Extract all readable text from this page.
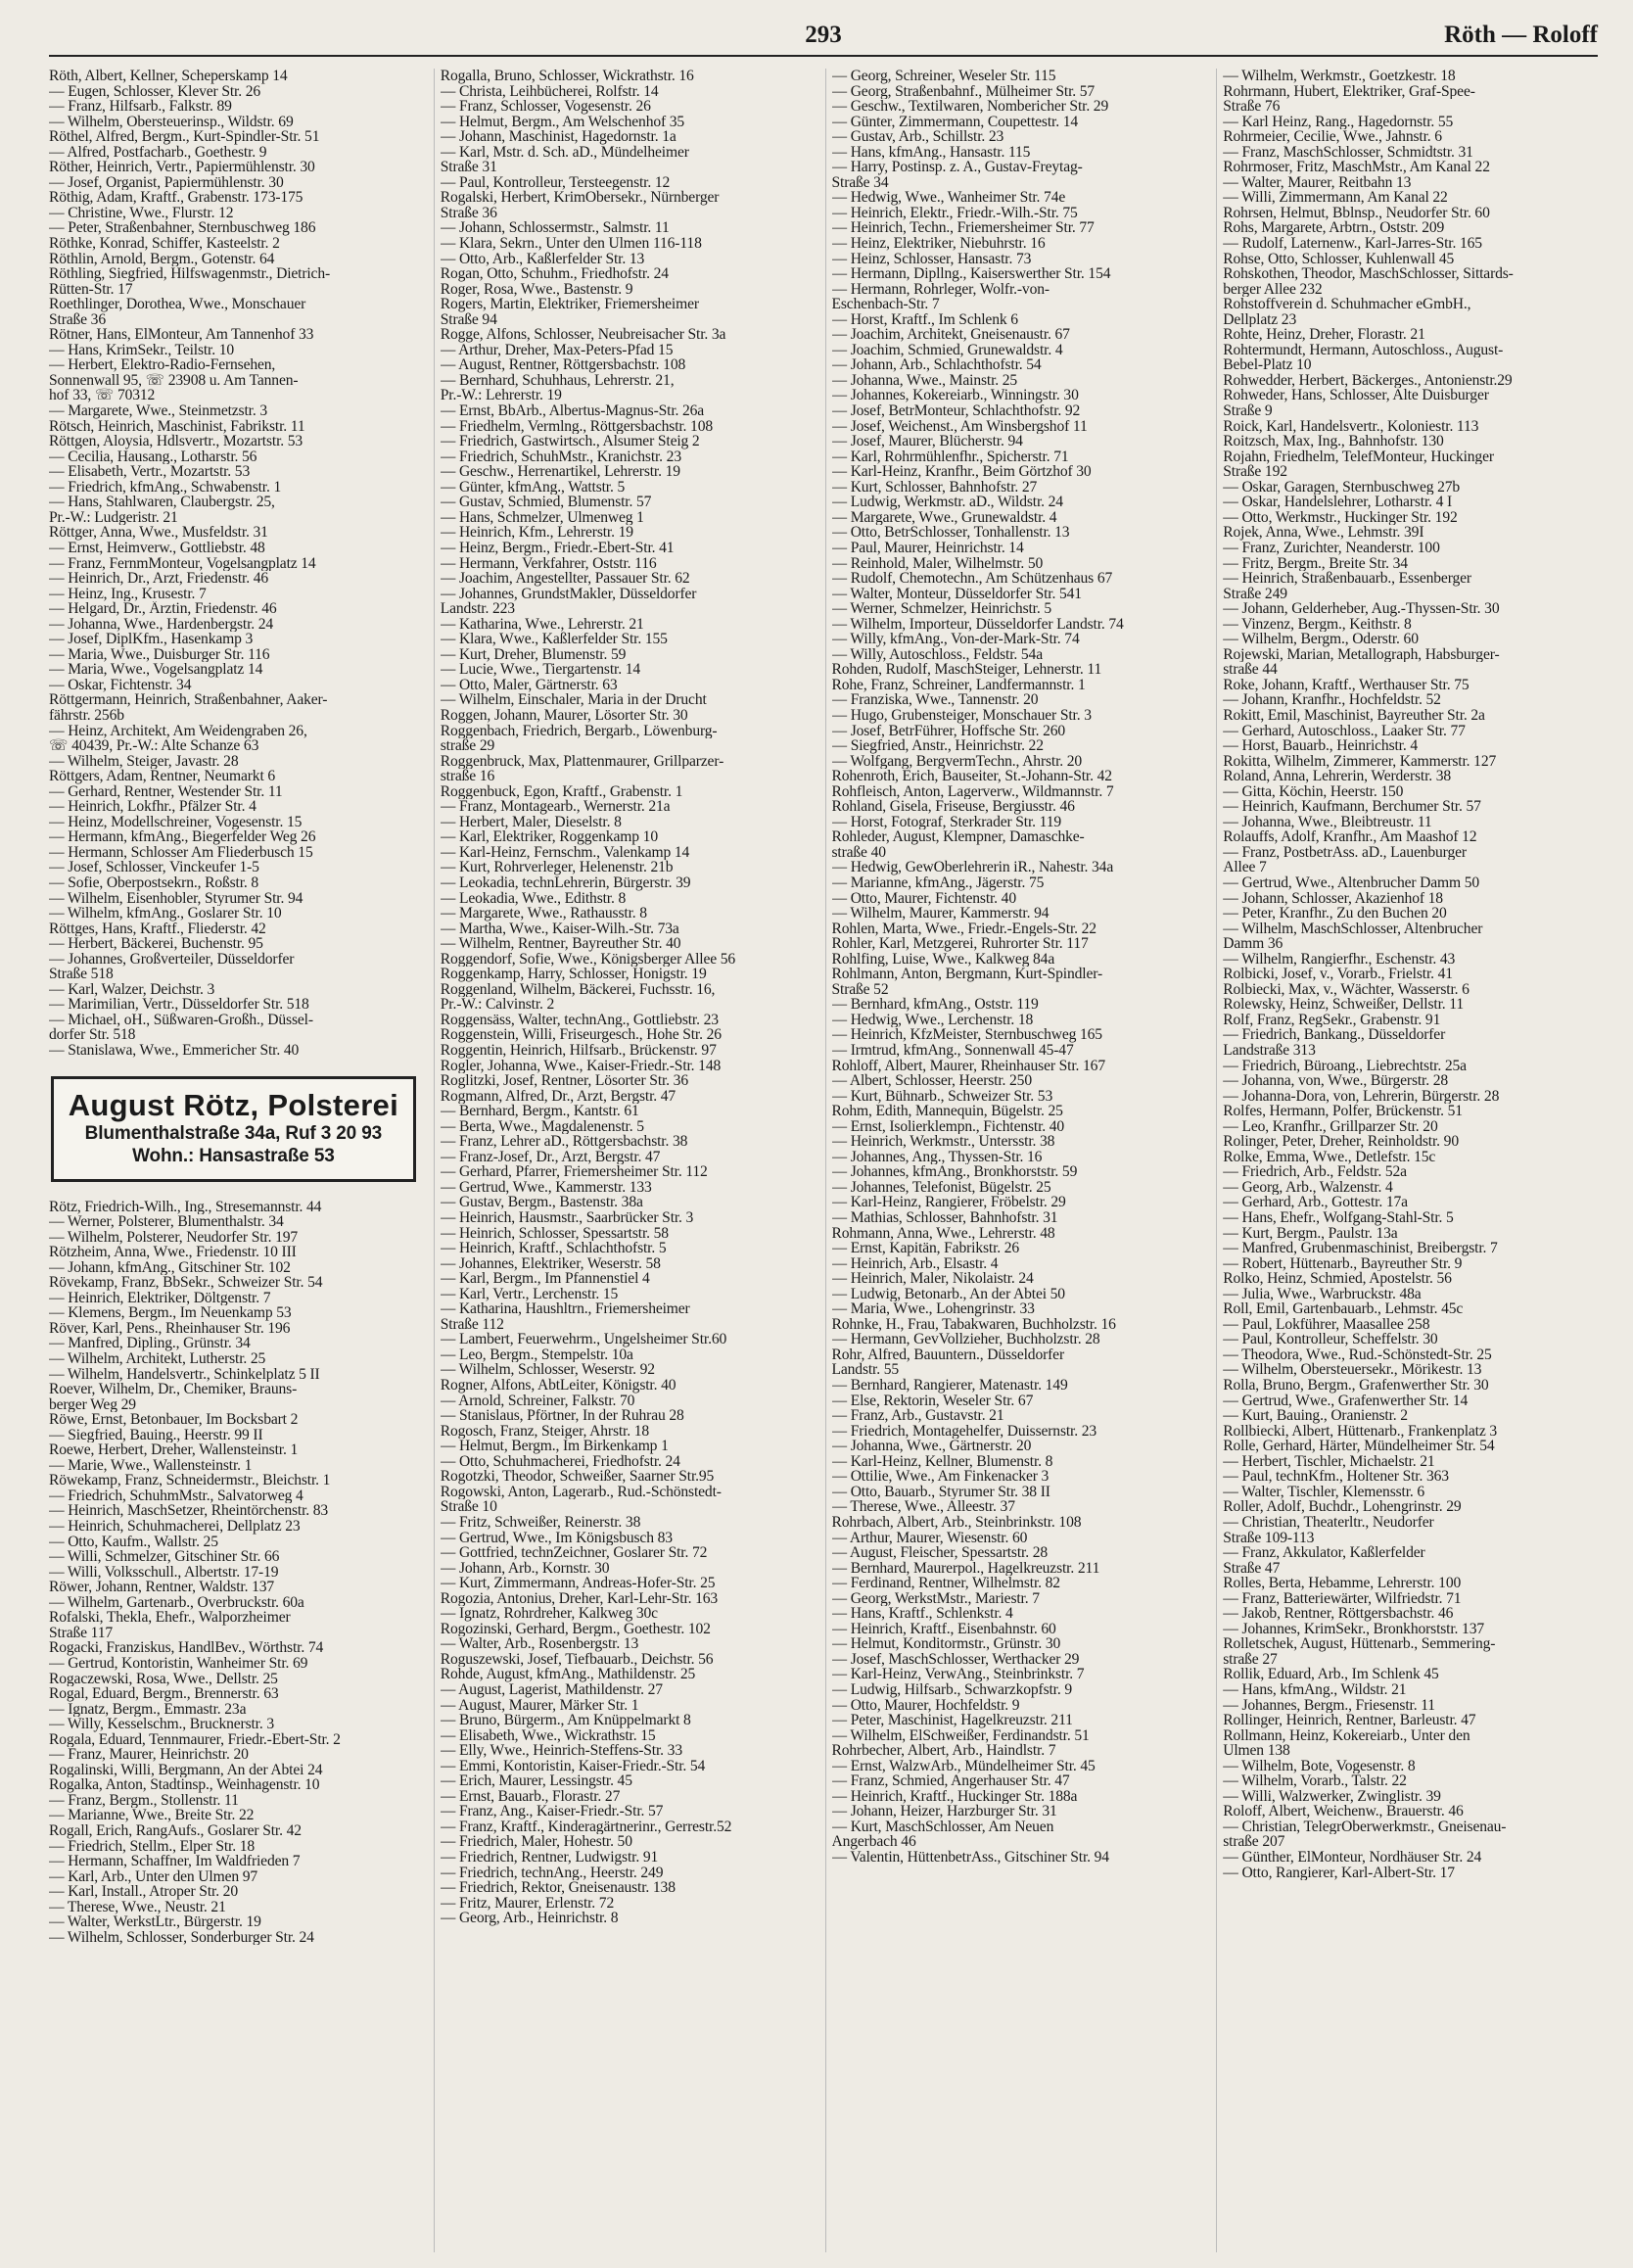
293	Röth — Roloff
Röth, Albert, Kellner, Scheperskamp 14
— Eugen, Schlosser, Klever Str. 26
— Franz, Hilfsarb., Falkstr. 89
— Wilhelm, Obersteuerinsp., Wildstr. 69
Röthel, Alfred, Bergm., Kurt-Spindler-Str. 51
— Alfred, Postfacharb., Goethestr. 9
Röther, Heinrich, Vertr., Papiermühlenstr. 30
— Josef, Organist, Papiermühlenstr. 30
Röthig, Adam, Kraftf., Grabenstr. 173-175
— Christine, Wwe., Flurstr. 12
— Peter, Straßenbahner, Sternbuschweg 186
Röthke, Konrad, Schiffer, Kasteelstr. 2
Röthlin, Arnold, Bergm., Gotenstr. 64
Röthling, Siegfried, Hilfswagenmstr., Dietrich-
Rütten-Str. 17
Roethlinger, Dorothea, Wwe., Monschauer
Straße 36
Rötner, Hans, ElMonteur, Am Tannenhof 33
— Hans, KrimSekr., Teilstr. 10
— Herbert, Elektro-Radio-Fernsehen,
Sonnenwall 95, ☏ 23908 u. Am Tannen-
hof 33, ☏ 70312
— Margarete, Wwe., Steinmetzstr. 3
Rötsch, Heinrich, Maschinist, Fabrikstr. 11
Röttgen, Aloysia, Hdlsvertr., Mozartstr. 53
— Cecilia, Hausang., Lotharstr. 56
— Elisabeth, Vertr., Mozartstr. 53
— Friedrich, kfmAng., Schwabenstr. 1
— Hans, Stahlwaren, Claubergstr. 25,
Pr.-W.: Ludgeristr. 21
Röttger, Anna, Wwe., Musfeldstr. 31
— Ernst, Heimverw., Gottliebstr. 48
— Franz, FernmMonteur, Vogelsangplatz 14
— Heinrich, Dr., Arzt, Friedenstr. 46
— Heinz, Ing., Krusestr. 7
— Helgard, Dr., Ärztin, Friedenstr. 46
— Johanna, Wwe., Hardenbergstr. 24
— Josef, DiplKfm., Hasenkamp 3
— Maria, Wwe., Duisburger Str. 116
— Maria, Wwe., Vogelsangplatz 14
— Oskar, Fichtenstr. 34
Röttgermann, Heinrich, Straßenbahner, Aaker-
fährstr. 256b
— Heinz, Architekt, Am Weidengraben 26,
☏ 40439, Pr.-W.: Alte Schanze 63
— Wilhelm, Steiger, Javastr. 28
Röttgers, Adam, Rentner, Neumarkt 6
— Gerhard, Rentner, Westender Str. 11
— Heinrich, Lokfhr., Pfälzer Str. 4
— Heinz, Modellschreiner, Vogesenstr. 15
— Hermann, kfmAng., Biegerfelder Weg 26
— Hermann, Schlosser Am Fliederbusch 15
— Josef, Schlosser, Vinckeufer 1-5
— Sofie, Oberpostsekrn., Roßstr. 8
— Wilhelm, Eisenhobler, Styrumer Str. 94
— Wilhelm, kfmAng., Goslarer Str. 10
Röttges, Hans, Kraftf., Fliederstr. 42
— Herbert, Bäckerei, Buchenstr. 95
— Johannes, Großverteiler, Düsseldorfer
Straße 518
— Karl, Walzer, Deichstr. 3
— Marimilian, Vertr., Düsseldorfer Str. 518
— Michael, oH., Süßwaren-Großh., Düssel-
dorfer Str. 518
— Stanislawa, Wwe., Emmericher Str. 40
August Rötz, Polsterei
Blumenthalstraße 34a, Ruf 3 20 93
Wohn.: Hansastraße 53
Rötz, Friedrich-Wilh., Ing., Stresemannstr. 44
— Werner, Polsterer, Blumenthalstr. 34
— Wilhelm, Polsterer, Neudorfer Str. 197
Rötzheim, Anna, Wwe., Friedenstr. 10 III
— Johann, kfmAng., Gitschiner Str. 102
Rövekamp, Franz, BbSekr., Schweizer Str. 54
— Heinrich, Elektriker, Döltgenstr. 7
— Klemens, Bergm., Im Neuenkamp 53
Röver, Karl, Pens., Rheinhauser Str. 196
— Manfred, Dipling., Grünstr. 34
— Wilhelm, Architekt, Lutherstr. 25
— Wilhelm, Handelsvertr., Schinkelplatz 5 II
Roever, Wilhelm, Dr., Chemiker, Brauns-
berger Weg 29
Röwe, Ernst, Betonbauer, Im Bocksbart 2
— Siegfried, Bauing., Heerstr. 99 II
Roewe, Herbert, Dreher, Wallensteinstr. 1
— Marie, Wwe., Wallensteinstr. 1
Röwekamp, Franz, Schneidermstr., Bleichstr. 1
— Friedrich, SchuhmMstr., Salvatorweg 4
— Heinrich, MaschSetzer, Rheintörchenstr. 83
— Heinrich, Schuhmacherei, Dellplatz 23
— Otto, Kaufm., Wallstr. 25
— Willi, Schmelzer, Gitschiner Str. 66
— Willi, Volksschull., Albertstr. 17-19
Röwer, Johann, Rentner, Waldstr. 137
— Wilhelm, Gartenarb., Overbruckstr. 60a
Rofalski, Thekla, Ehefr., Walporzheimer
Straße 117
Rogacki, Franziskus, HandlBev., Wörthstr. 74
— Gertrud, Kontoristin, Wanheimer Str. 69
Rogaczewski, Rosa, Wwe., Dellstr. 25
Rogal, Eduard, Bergm., Brennerstr. 63
— Ignatz, Bergm., Emmastr. 23a
— Willy, Kesselschm., Brucknerstr. 3
Rogala, Eduard, Tennmaurer, Friedr.-Ebert-Str. 2
— Franz, Maurer, Heinrichstr. 20
Rogalinski, Willi, Bergmann, An der Abtei 24
Rogalka, Anton, Stadtinsp., Weinhagenstr. 10
— Franz, Bergm., Stollenstr. 11
— Marianne, Wwe., Breite Str. 22
Rogall, Erich, RangAufs., Goslarer Str. 42
— Friedrich, Stellm., Elper Str. 18
— Hermann, Schaffner, Im Waldfrieden 7
— Karl, Arb., Unter den Ulmen 97
— Karl, Install., Atroper Str. 20
— Therese, Wwe., Neustr. 21
— Walter, WerkstLtr., Bürgerstr. 19
— Wilhelm, Schlosser, Sonderburger Str. 24
Rogalla, Bruno, Schlosser, Wickrathstr. 16
— Christa, Leihbücherei, Rolfstr. 14
— Franz, Schlosser, Vogesenstr. 26
— Helmut, Bergm., Am Welschenhof 35
— Johann, Maschinist, Hagedornstr. 1a
— Karl, Mstr. d. Sch. aD., Mündelheimer
Straße 31
— Paul, Kontrolleur, Tersteegenstr. 12
Rogalski, Herbert, KrimObersekr., Nürnberger
Straße 36
— Johann, Schlossermstr., Salmstr. 11
— Klara, Sekrn., Unter den Ulmen 116-118
— Otto, Arb., Kaßlerfelder Str. 13
Rogan, Otto, Schuhm., Friedhofstr. 24
Roger, Rosa, Wwe., Bastenstr. 9
Rogers, Martin, Elektriker, Friemersheimer
Straße 94
Rogge, Alfons, Schlosser, Neubreisacher Str. 3a
— Arthur, Dreher, Max-Peters-Pfad 15
— August, Rentner, Röttgersbachstr. 108
— Bernhard, Schuhhaus, Lehrerstr. 21,
Pr.-W.: Lehrerstr. 19
— Ernst, BbArb., Albertus-Magnus-Str. 26a
— Friedhelm, Vermlng., Röttgersbachstr. 108
— Friedrich, Gastwirtsch., Alsumer Steig 2
— Friedrich, SchuhMstr., Kranichstr. 23
— Geschw., Herrenartikel, Lehrerstr. 19
— Günter, kfmAng., Wattstr. 5
— Gustav, Schmied, Blumenstr. 57
— Hans, Schmelzer, Ulmenweg 1
— Heinrich, Kfm., Lehrerstr. 19
— Heinz, Bergm., Friedr.-Ebert-Str. 41
— Hermann, Verkfahrer, Oststr. 116
— Joachim, Angestellter, Passauer Str. 62
— Johannes, GrundstMakler, Düsseldorfer
Landstr. 223
— Katharina, Wwe., Lehrerstr. 21
— Klara, Wwe., Kaßlerfelder Str. 155
— Kurt, Dreher, Blumenstr. 59
— Lucie, Wwe., Tiergartenstr. 14
— Otto, Maler, Gärtnerstr. 63
— Wilhelm, Einschaler, Maria in der Drucht
Roggen, Johann, Maurer, Lösorter Str. 30
Roggenbach, Friedrich, Bergarb., Löwenburg-
straße 29
Roggenbruck, Max, Plattenmaurer, Grillparzer-
straße 16
Roggenbuck, Egon, Kraftf., Grabenstr. 1
— Franz, Montagearb., Wernerstr. 21a
— Herbert, Maler, Dieselstr. 8
— Karl, Elektriker, Roggenkamp 10
— Karl-Heinz, Fernschm., Valenkamp 14
— Kurt, Rohrverleger, Helenenstr. 21b
— Leokadia, technLehrerin, Bürgerstr. 39
— Leokadia, Wwe., Edithstr. 8
— Margarete, Wwe., Rathausstr. 8
— Martha, Wwe., Kaiser-Wilh.-Str. 73a
— Wilhelm, Rentner, Bayreuther Str. 40
Roggendorf, Sofie, Wwe., Königsberger Allee 56
Roggenkamp, Harry, Schlosser, Honigstr. 19
Roggenland, Wilhelm, Bäckerei, Fuchsstr. 16,
Pr.-W.: Calvinstr. 2
Roggensäss, Walter, technAng., Gottliebstr. 23
Roggenstein, Willi, Friseurgesch., Hohe Str. 26
Roggentin, Heinrich, Hilfsarb., Brückenstr. 97
Rogler, Johanna, Wwe., Kaiser-Friedr.-Str. 148
Roglitzki, Josef, Rentner, Lösorter Str. 36
Rogmann, Alfred, Dr., Arzt, Bergstr. 47
— Bernhard, Bergm., Kantstr. 61
— Berta, Wwe., Magdalenenstr. 5
— Franz, Lehrer aD., Röttgersbachstr. 38
— Franz-Josef, Dr., Arzt, Bergstr. 47
— Gerhard, Pfarrer, Friemersheimer Str. 112
— Gertrud, Wwe., Kammerstr. 133
— Gustav, Bergm., Bastenstr. 38a
— Heinrich, Hausmstr., Saarbrücker Str. 3
— Heinrich, Schlosser, Spessartstr. 58
— Heinrich, Kraftf., Schlachthofstr. 5
— Johannes, Elektriker, Weserstr. 58
— Karl, Bergm., Im Pfannenstiel 4
— Karl, Vertr., Lerchenstr. 15
— Katharina, Haushltrn., Friemersheimer
Straße 112
— Lambert, Feuerwehrm., Ungelsheimer Str.60
— Leo, Bergm., Stempelstr. 10a
— Wilhelm, Schlosser, Weserstr. 92
Rogner, Alfons, AbtLeiter, Königstr. 40
— Arnold, Schreiner, Falkstr. 70
— Stanislaus, Pförtner, In der Ruhrau 28
Rogosch, Franz, Steiger, Ahrstr. 18
— Helmut, Bergm., Im Birkenkamp 1
— Otto, Schuhmacherei, Friedhofstr. 24
Rogotzki, Theodor, Schweißer, Saarner Str.95
Rogowski, Anton, Lagerarb., Rud.-Schönstedt-
Straße 10
— Fritz, Schweißer, Reinerstr. 38
— Gertrud, Wwe., Im Königsbusch 83
— Gottfried, technZeichner, Goslarer Str. 72
— Johann, Arb., Kornstr. 30
— Kurt, Zimmermann, Andreas-Hofer-Str. 25
Rogozia, Antonius, Dreher, Karl-Lehr-Str. 163
— Ignatz, Rohrdreher, Kalkweg 30c
Rogozinski, Gerhard, Bergm., Goethestr. 102
— Walter, Arb., Rosenbergstr. 13
Roguszewski, Josef, Tiefbauarb., Deichstr. 56
Rohde, August, kfmAng., Mathildenstr. 25
— August, Lagerist, Mathildenstr. 27
— August, Maurer, Märker Str. 1
— Bruno, Bürgerm., Am Knüppelmarkt 8
— Elisabeth, Wwe., Wickrathstr. 15
— Elly, Wwe., Heinrich-Steffens-Str. 33
— Emmi, Kontoristin, Kaiser-Friedr.-Str. 54
— Erich, Maurer, Lessingstr. 45
— Ernst, Bauarb., Florastr. 27
— Franz, Ang., Kaiser-Friedr.-Str. 57
— Franz, Kraftf., Kinderagärtnerinr., Gerrestr.52
— Friedrich, Maler, Hohestr. 50
— Friedrich, Rentner, Ludwigstr. 91
— Friedrich, technAng., Heerstr. 249
— Friedrich, Rektor, Gneisenaustr. 138
— Fritz, Maurer, Erlenstr. 72
— Georg, Arb., Heinrichstr. 8
— Georg, Schreiner, Weseler Str. 115
— Georg, Straßenbahnf., Mülheimer Str. 57
— Geschw., Textilwaren, Nombericher Str. 29
— Günter, Zimmermann, Coupettestr. 14
— Gustav, Arb., Schillstr. 23
— Hans, kfmAng., Hansastr. 115
— Harry, Postinsp. z. A., Gustav-Freytag-
Straße 34
— Hedwig, Wwe., Wanheimer Str. 74e
— Heinrich, Elektr., Friedr.-Wilh.-Str. 75
— Heinrich, Techn., Friemersheimer Str. 77
— Heinz, Elektriker, Niebuhrstr. 16
— Heinz, Schlosser, Hansastr. 73
— Hermann, Dipllng., Kaiserswerther Str. 154
— Hermann, Rohrleger, Wolfr.-von-
Eschenbach-Str. 7
— Horst, Kraftf., Im Schlenk 6
— Joachim, Architekt, Gneisenaustr. 67
— Joachim, Schmied, Grunewaldstr. 4
— Johann, Arb., Schlachthofstr. 54
— Johanna, Wwe., Mainstr. 25
— Johannes, Kokereiarb., Winningstr. 30
— Josef, BetrMonteur, Schlachthofstr. 92
— Josef, Weichenst., Am Winsbergshof 11
— Josef, Maurer, Blücherstr. 94
— Karl, Rohrmühlenfhr., Spicherstr. 71
— Karl-Heinz, Kranfhr., Beim Görtzhof 30
— Kurt, Schlosser, Bahnhofstr. 27
— Ludwig, Werkmstr. aD., Wildstr. 24
— Margarete, Wwe., Grunewaldstr. 4
— Otto, BetrSchlosser, Tonhallenstr. 13
— Paul, Maurer, Heinrichstr. 14
— Reinhold, Maler, Wilhelmstr. 50
— Rudolf, Chemotechn., Am Schützenhaus 67
— Walter, Monteur, Düsseldorfer Str. 541
— Werner, Schmelzer, Heinrichstr. 5
— Wilhelm, Importeur, Düsseldorfer Landstr. 74
— Willy, kfmAng., Von-der-Mark-Str. 74
— Willy, Autoschloss., Feldstr. 54a
Rohden, Rudolf, MaschSteiger, Lehnerstr. 11
Rohe, Franz, Schreiner, Landfermannstr. 1
— Franziska, Wwe., Tannenstr. 20
— Hugo, Grubensteiger, Monschauer Str. 3
— Josef, BetrFührer, Hoffsche Str. 260
— Siegfried, Anstr., Heinrichstr. 22
— Wolfgang, BergvermTechn., Ahrstr. 20
Rohenroth, Erich, Bauseiter, St.-Johann-Str. 42
Rohfleisch, Anton, Lagerverw., Wildmannstr. 7
Rohland, Gisela, Friseuse, Bergiusstr. 46
— Horst, Fotograf, Sterkrader Str. 119
Rohleder, August, Klempner, Damaschke-
straße 40
— Hedwig, GewOberlehrerin iR., Nahestr. 34a
— Marianne, kfmAng., Jägerstr. 75
— Otto, Maurer, Fichtenstr. 40
— Wilhelm, Maurer, Kammerstr. 94
Rohlen, Marta, Wwe., Friedr.-Engels-Str. 22
Rohler, Karl, Metzgerei, Ruhrorter Str. 117
Rohlfing, Luise, Wwe., Kalkweg 84a
Rohlmann, Anton, Bergmann, Kurt-Spindler-
Straße 52
— Bernhard, kfmAng., Oststr. 119
— Hedwig, Wwe., Lerchenstr. 18
— Heinrich, KfzMeister, Sternbuschweg 165
— Irmtrud, kfmAng., Sonnenwall 45-47
Rohloff, Albert, Maurer, Rheinhauser Str. 167
— Albert, Schlosser, Heerstr. 250
— Kurt, Bühnarb., Schweizer Str. 53
Rohm, Edith, Mannequin, Bügelstr. 25
— Ernst, Isolierklempn., Fichtenstr. 40
— Heinrich, Werkmstr., Untersstr. 38
— Johannes, Ang., Thyssen-Str. 16
— Johannes, kfmAng., Bronkhorststr. 59
— Johannes, Telefonist, Bügelstr. 25
— Karl-Heinz, Rangierer, Fröbelstr. 29
— Mathias, Schlosser, Bahnhofstr. 31
Rohmann, Anna, Wwe., Lehrerstr. 48
— Ernst, Kapitän, Fabrikstr. 26
— Heinrich, Arb., Elsastr. 4
— Heinrich, Maler, Nikolaistr. 24
— Ludwig, Betonarb., An der Abtei 50
— Maria, Wwe., Lohengrinstr. 33
Rohnke, H., Frau, Tabakwaren, Buchholzstr. 16
— Hermann, GevVollzieher, Buchholzstr. 28
Rohr, Alfred, Bauuntern., Düsseldorfer
Landstr. 55
— Bernhard, Rangierer, Matenastr. 149
— Else, Rektorin, Weseler Str. 67
— Franz, Arb., Gustavstr. 21
— Friedrich, Montagehelfer, Duissernstr. 23
— Johanna, Wwe., Gärtnerstr. 20
— Karl-Heinz, Kellner, Blumenstr. 8
— Ottilie, Wwe., Am Finkenacker 3
— Otto, Bauarb., Styrumer Str. 38 II
— Therese, Wwe., Alleestr. 37
Rohrbach, Albert, Arb., Steinbrinkstr. 108
— Arthur, Maurer, Wiesenstr. 60
— August, Fleischer, Spessartstr. 28
— Bernhard, Maurerpol., Hagelkreuzstr. 211
— Ferdinand, Rentner, Wilhelmstr. 82
— Georg, WerkstMstr., Mariestr. 7
— Hans, Kraftf., Schlenkstr. 4
— Heinrich, Kraftf., Eisenbahnstr. 60
— Helmut, Konditormstr., Grünstr. 30
— Josef, MaschSchlosser, Werthacker 29
— Karl-Heinz, VerwAng., Steinbrinkstr. 7
— Ludwig, Hilfsarb., Schwarzkopfstr. 9
— Otto, Maurer, Hochfeldstr. 9
— Peter, Maschinist, Hagelkreuzstr. 211
— Wilhelm, ElSchweißer, Ferdinandstr. 51
Rohrbecher, Albert, Arb., Haindlstr. 7
— Ernst, WalzwArb., Mündelheimer Str. 45
— Franz, Schmied, Angerhauser Str. 47
— Heinrich, Kraftf., Huckinger Str. 188a
— Johann, Heizer, Harzburger Str. 31
— Kurt, MaschSchlosser, Am Neuen
Angerbach 46
— Valentin, HüttenbetrAss., Gitschiner Str. 94
— Wilhelm, Werkmstr., Goetzkestr. 18
Rohrmann, Hubert, Elektriker, Graf-Spee-
Straße 76
— Karl Heinz, Rang., Hagedornstr. 55
Rohrmeier, Cecilie, Wwe., Jahnstr. 6
— Franz, MaschSchlosser, Schmidtstr. 31
Rohrmoser, Fritz, MaschMstr., Am Kanal 22
— Walter, Maurer, Reitbahn 13
— Willi, Zimmermann, Am Kanal 22
Rohrsen, Helmut, Bblnsp., Neudorfer Str. 60
Rohs, Margarete, Arbtrn., Oststr. 209
— Rudolf, Laternenw., Karl-Jarres-Str. 165
Rohse, Otto, Schlosser, Kuhlenwall 45
Rohskothen, Theodor, MaschSchlosser, Sittards-
berger Allee 232
Rohstoffverein d. Schuhmacher eGmbH.,
Dellplatz 23
Rohte, Heinz, Dreher, Florastr. 21
Rohtermundt, Hermann, Autoschloss., August-
Bebel-Platz 10
Rohwedder, Herbert, Bäckerges., Antonienstr.29
Rohweder, Hans, Schlosser, Alte Duisburger
Straße 9
Roick, Karl, Handelsvertr., Koloniestr. 113
Roitzsch, Max, Ing., Bahnhofstr. 130
Rojahn, Friedhelm, TelefMonteur, Huckinger
Straße 192
— Oskar, Garagen, Sternbuschweg 27b
— Oskar, Handelslehrer, Lotharstr. 4 I
— Otto, Werkmstr., Huckinger Str. 192
Rojek, Anna, Wwe., Lehmstr. 39I
— Franz, Zurichter, Neanderstr. 100
— Fritz, Bergm., Breite Str. 34
— Heinrich, Straßenbauarb., Essenberger
Straße 249
— Johann, Gelderheber, Aug.-Thyssen-Str. 30
— Vinzenz, Bergm., Keithstr. 8
— Wilhelm, Bergm., Oderstr. 60
Rojewski, Marian, Metallograph, Habsburger-
straße 44
Roke, Johann, Kraftf., Werthauser Str. 75
— Johann, Kranfhr., Hochfeldstr. 52
Rokitt, Emil, Maschinist, Bayreuther Str. 2a
— Gerhard, Autoschloss., Laaker Str. 77
— Horst, Bauarb., Heinrichstr. 4
Rokitta, Wilhelm, Zimmerer, Kammerstr. 127
Roland, Anna, Lehrerin, Werderstr. 38
— Gitta, Köchin, Heerstr. 150
— Heinrich, Kaufmann, Berchumer Str. 57
— Johanna, Wwe., Bleibtreustr. 11
Rolauffs, Adolf, Kranfhr., Am Maashof 12
— Franz, PostbetrAss. aD., Lauenburger
Allee 7
— Gertrud, Wwe., Altenbrucher Damm 50
— Johann, Schlosser, Akazienhof 18
— Peter, Kranfhr., Zu den Buchen 20
— Wilhelm, MaschSchlosser, Altenbrucher
Damm 36
— Wilhelm, Rangierfhr., Eschenstr. 43
Rolbicki, Josef, v., Vorarb., Frielstr. 41
Rolbiecki, Max, v., Wächter, Wasserstr. 6
Rolewsky, Heinz, Schweißer, Dellstr. 11
Rolf, Franz, RegSekr., Grabenstr. 91
— Friedrich, Bankang., Düsseldorfer
Landstraße 313
— Friedrich, Büroang., Liebrechtstr. 25a
— Johanna, von, Wwe., Bürgerstr. 28
— Johanna-Dora, von, Lehrerin, Bürgerstr. 28
Rolfes, Hermann, Polfer, Brückenstr. 51
— Leo, Kranfhr., Grillparzer Str. 20
Rolinger, Peter, Dreher, Reinholdstr. 90
Rolke, Emma, Wwe., Detlefstr. 15c
— Friedrich, Arb., Feldstr. 52a
— Georg, Arb., Walzenstr. 4
— Gerhard, Arb., Gottestr. 17a
— Hans, Ehefr., Wolfgang-Stahl-Str. 5
— Kurt, Bergm., Paulstr. 13a
— Manfred, Grubenmaschinist, Breibergstr. 7
— Robert, Hüttenarb., Bayreuther Str. 9
Rolko, Heinz, Schmied, Apostelstr. 56
— Julia, Wwe., Warbruckstr. 48a
Roll, Emil, Gartenbauarb., Lehmstr. 45c
— Paul, Lokführer, Maasallee 258
— Paul, Kontrolleur, Scheffelstr. 30
— Theodora, Wwe., Rud.-Schönstedt-Str. 25
— Wilhelm, Obersteuersekr., Mörikestr. 13
Rolla, Bruno, Bergm., Grafenwerther Str. 30
— Gertrud, Wwe., Grafenwerther Str. 14
— Kurt, Bauing., Oranienstr. 2
Rollbiecki, Albert, Hüttenarb., Frankenplatz 3
Rolle, Gerhard, Härter, Mündelheimer Str. 54
— Herbert, Tischler, Michaelstr. 21
— Paul, technKfm., Holtener Str. 363
— Walter, Tischler, Klemensstr. 6
Roller, Adolf, Buchdr., Lohengrinstr. 29
— Christian, Theaterltr., Neudorfer
Straße 109-113
— Franz, Akkulator, Kaßlerfelder
Straße 47
Rolles, Berta, Hebamme, Lehrerstr. 100
— Franz, Batteriewärter, Wilfriedstr. 71
— Jakob, Rentner, Röttgersbachstr. 46
— Johannes, KrimSekr., Bronkhorststr. 137
Rolletschek, August, Hüttenarb., Semmering-
straße 27
Rollik, Eduard, Arb., Im Schlenk 45
— Hans, kfmAng., Wildstr. 21
— Johannes, Bergm., Friesenstr. 11
Rollinger, Heinrich, Rentner, Barleustr. 47
Rollmann, Heinz, Kokereiarb., Unter den
Ulmen 138
— Wilhelm, Bote, Vogesenstr. 8
— Wilhelm, Vorarb., Talstr. 22
— Willi, Walzwerker, Zwinglistr. 39
Roloff, Albert, Weichenw., Brauerstr. 46
— Christian, TelegrOberwerkmstr., Gneisenau-
straße 207
— Günther, ElMonteur, Nordhäuser Str. 24
— Otto, Rangierer, Karl-Albert-Str. 17
